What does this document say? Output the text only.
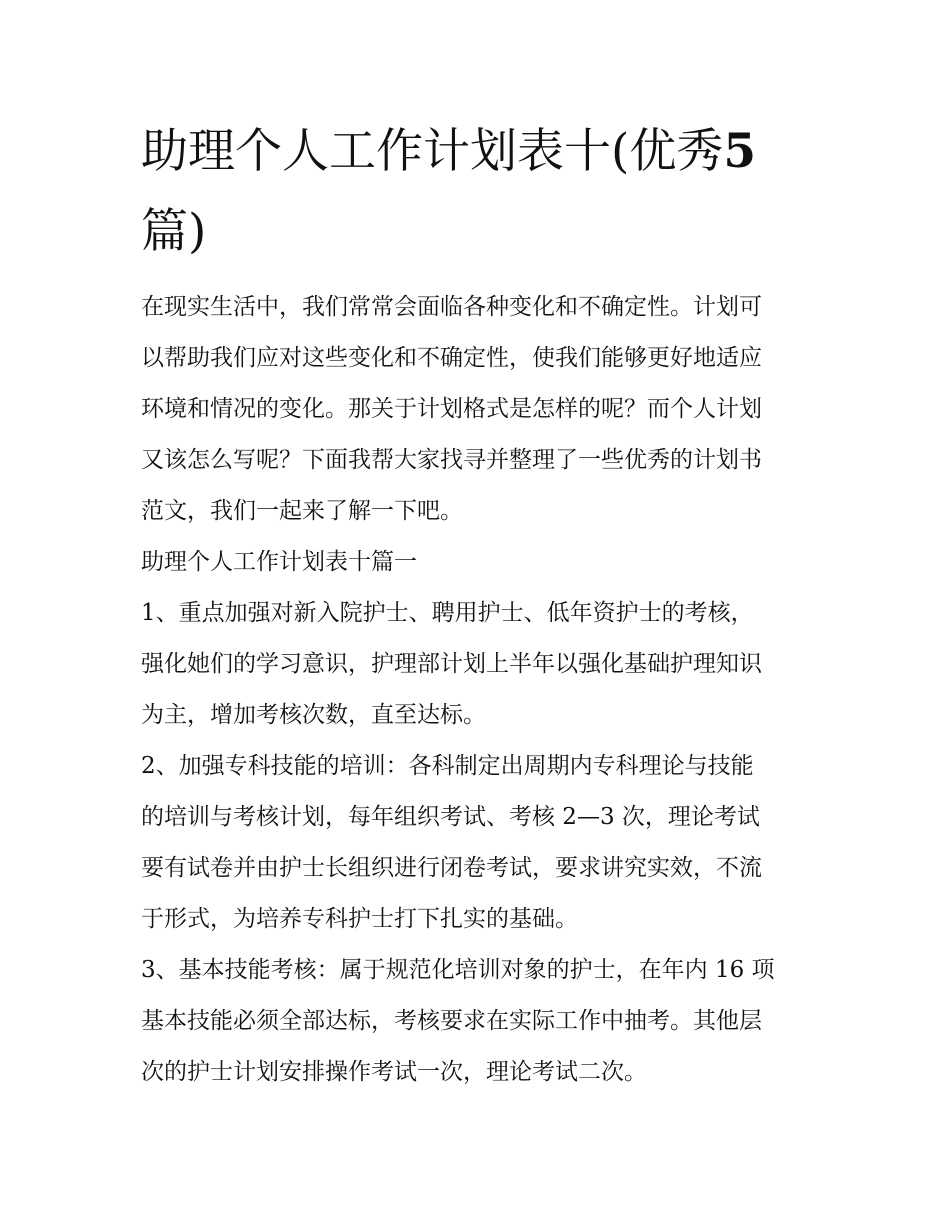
助理个人工作计划表十(优秀5
篇)
在现实生活中，我们常常会面临各种变化和不确定性。计划可
以帮助我们应对这些变化和不确定性，使我们能够更好地适应
环境和情况的变化。那关于计划格式是怎样的呢？而个人计划
又该怎么写呢？下面我帮大家找寻并整理了一些优秀的计划书
范文，我们一起来了解一下吧。
助理个人工作计划表十篇一
1、重点加强对新入院护士、聘用护士、低年资护士的考核，
强化她们的学习意识，护理部计划上半年以强化基础护理知识
为主，增加考核次数，直至达标。
2、加强专科技能的培训：各科制定出周期内专科理论与技能
的培训与考核计划，每年组织考试、考核 2—3 次，理论考试
要有试卷并由护士长组织进行闭卷考试，要求讲究实效，不流
于形式，为培养专科护士打下扎实的基础。
3、基本技能考核：属于规范化培训对象的护士，在年内 16 项
基本技能必须全部达标，考核要求在实际工作中抽考。其他层
次的护士计划安排操作考试一次，理论考试二次。
